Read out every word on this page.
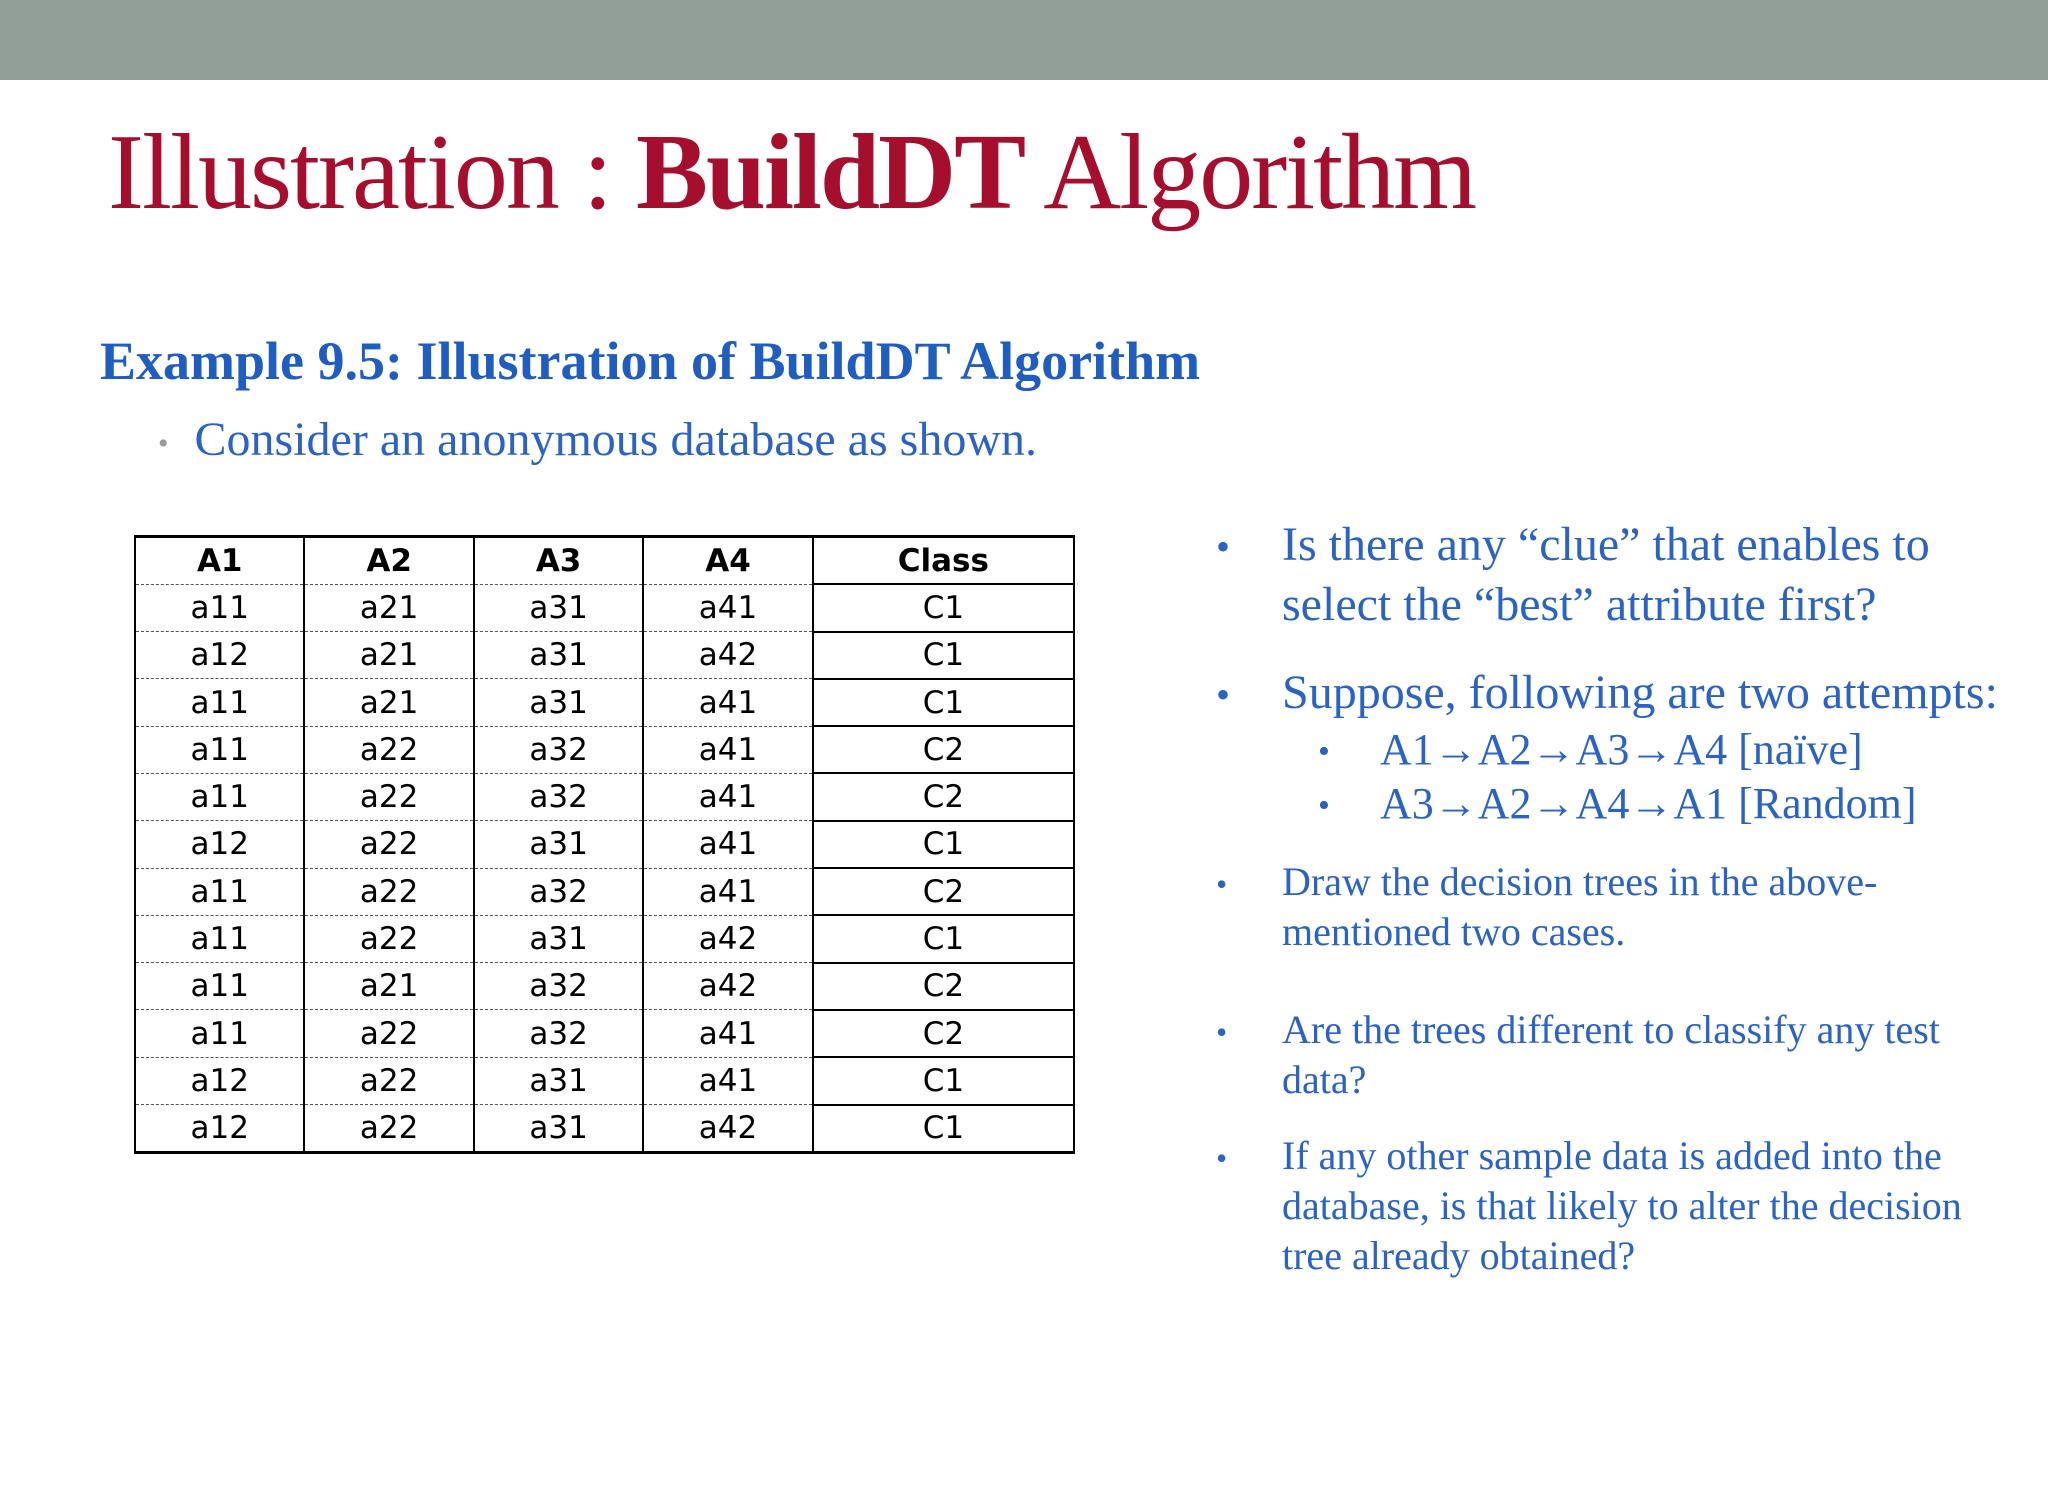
Illustration : BuildDT Algorithm
Example 9.5: Illustration of BuildDT Algorithm
• Consider an anonymous database as shown.
A1	A2	A3	A4	Class
a11	a21	a31	a41	C1
a12	a21	a31	a42	C1
a11	a21	a31	a41	C1
a11	a22	a32	a41	C2
a11	a22	a32	a41	C2
a12	a22	a31	a41	C1
a11	a22	a32	a41	C2
a11	a22	a31	a42	C1
a11	a21	a32	a42	C2
a11	a22	a32	a41	C2
a12	a22	a31	a41	C1
a12	a22	a31	a42	C1
• Is there any “clue” that enables to select the “best” attribute first?
• Suppose, following are two attempts:
• A1→A2→A3→A4 [naïve]
• A3→A2→A4→A1 [Random]
• Draw the decision trees in the above-mentioned two cases.
• Are the trees different to classify any test data?
• If any other sample data is added into the database, is that likely to alter the decision tree already obtained?
